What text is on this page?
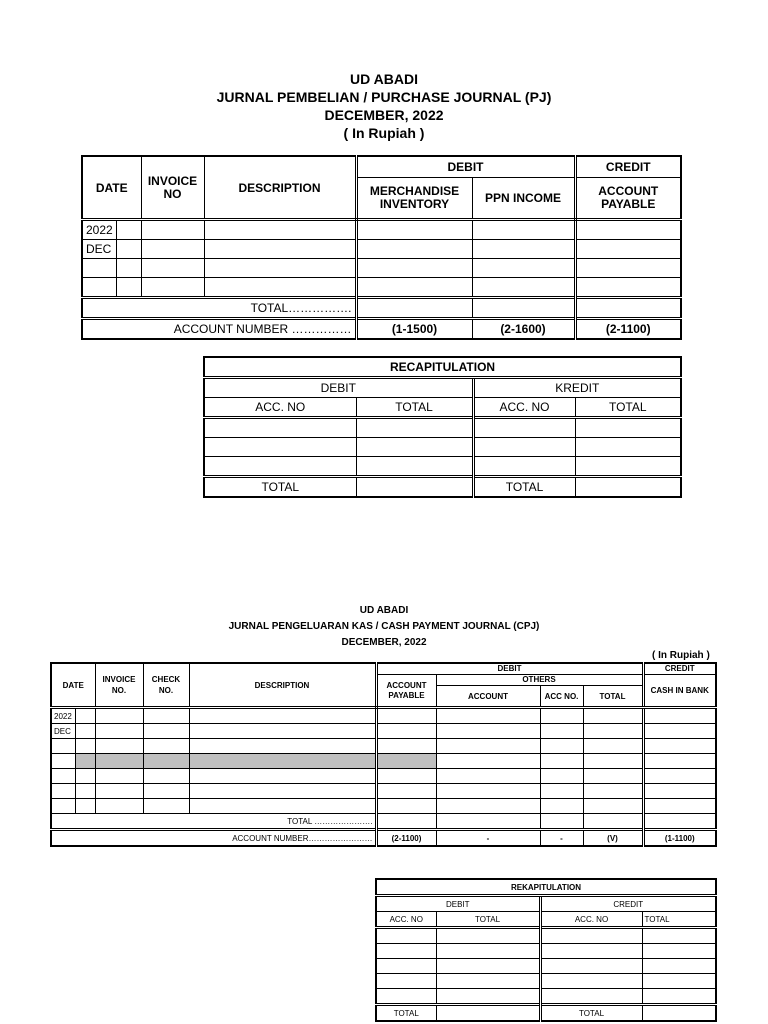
UD ABADI
JURNAL PEMBELIAN / PURCHASE JOURNAL (PJ)
DECEMBER, 2022
( In Rupiah )
DATE		INVOICE NO	DESCRIPTION	DEBIT		CREDIT
				MERCHANDISE INVENTORY	PPN INCOME	ACCOUNT PAYABLE
2022						
DEC						

TOTAL…………….						
ACCOUNT NUMBER ……………				(1-1500)	(2-1600)	(2-1100)
RECAPITULATION			
DEBIT		KREDIT	
ACC. NO	TOTAL	ACC. NO	TOTAL

TOTAL		TOTAL	
UD ABADI
JURNAL PENGELUARAN KAS / CASH PAYMENT JOURNAL (CPJ)
DECEMBER, 2022
( In Rupiah )
DATE		INVOICE NO.	CHECK NO.	DESCRIPTION	DEBIT				CREDIT
					ACCOUNT PAYABLE	OTHERS			CASH IN BANK
						ACCOUNT	ACC NO.	TOTAL	
2022									
DEC									

TOTAL ………………….									
ACCOUNT NUMBER……………………					(2-1100)	-	-	(V)	(1-1100)
REKAPITULATION			
DEBIT		CREDIT	
ACC. NO	TOTAL	ACC. NO	TOTAL

TOTAL		TOTAL	
